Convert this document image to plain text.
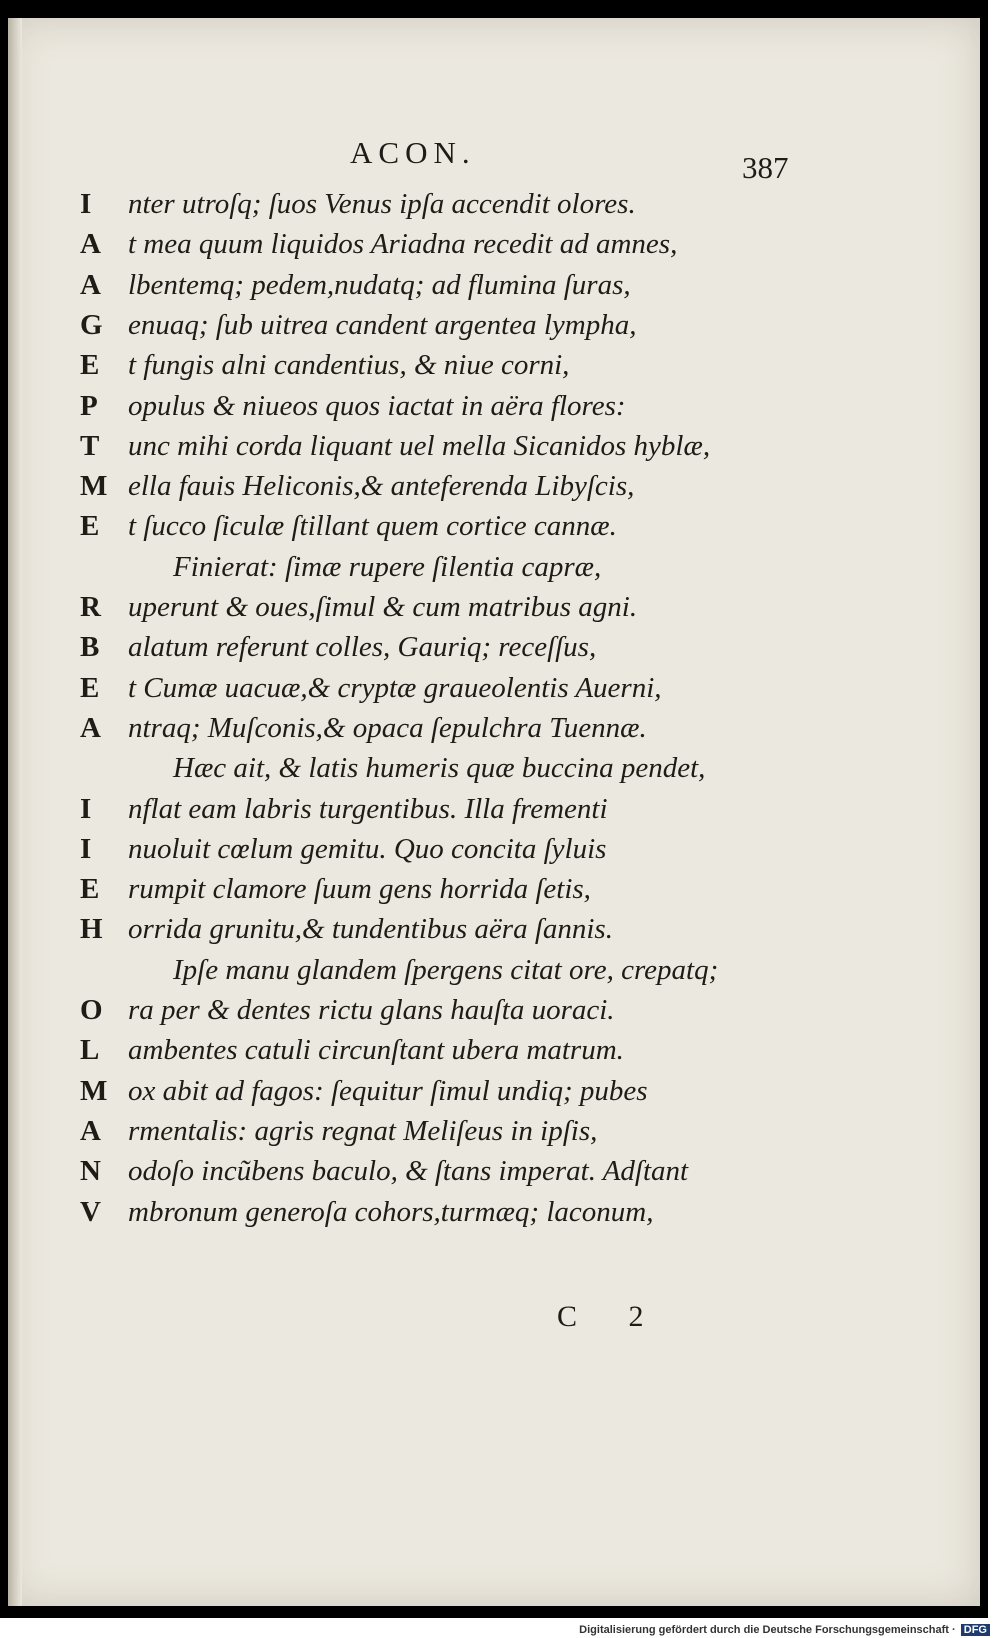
ACON.	387
I nter utroſq; ſuos Venus ipſa accendit olores.
A t mea quum liquidos Ariadna recedit ad amnes,
A lbentemq; pedem,nudatq; ad flumina ſuras,
G enuaq; ſub uitrea candent argentea lympha,
E t fungis alni candentius, & niue corni,
P opulus & niueos quos iactat in aëra flores:
T unc mihi corda liquant uel mella Sicanidos hyblæ,
M ella fauis Heliconis,& anteferenda Libyſcis,
E t ſucco ſiculæ ſtillant quem cortice cannæ.
Finierat: ſimæ rupere ſilentia capræ,
R uperunt & oues,ſimul & cum matribus agni.
B alatum referunt colles, Gauriq; receſſus,
E t Cumæ uacuæ,& cryptæ graueolentis Auerni,
A ntraq; Muſconis,& opaca ſepulchra Tuennæ.
Hæc ait, & latis humeris quæ buccina pendet,
I nflat eam labris turgentibus. Illa frementi
I nuoluit cœlum gemitu. Quo concita ſyluis
E rumpit clamore ſuum gens horrida ſetis,
H orrida grunitu,& tundentibus aëra ſannis.
Ipſe manu glandem ſpergens citat ore, crepatq;
O ra per & dentes rictu glans hauſta uoraci.
L ambentes catuli circunſtant ubera matrum.
M ox abit ad fagos: ſequitur ſimul undiq; pubes
A rmentalis: agris regnat Meliſeus in ipſis,
N odoſo incũbens baculo, & ſtans imperat. Adſtant
V mbronum generoſa cohors,turmæq; laconum,
C 2
Digitalisierung gefördert durch die Deutsche Forschungsgemeinschaft · DFG
